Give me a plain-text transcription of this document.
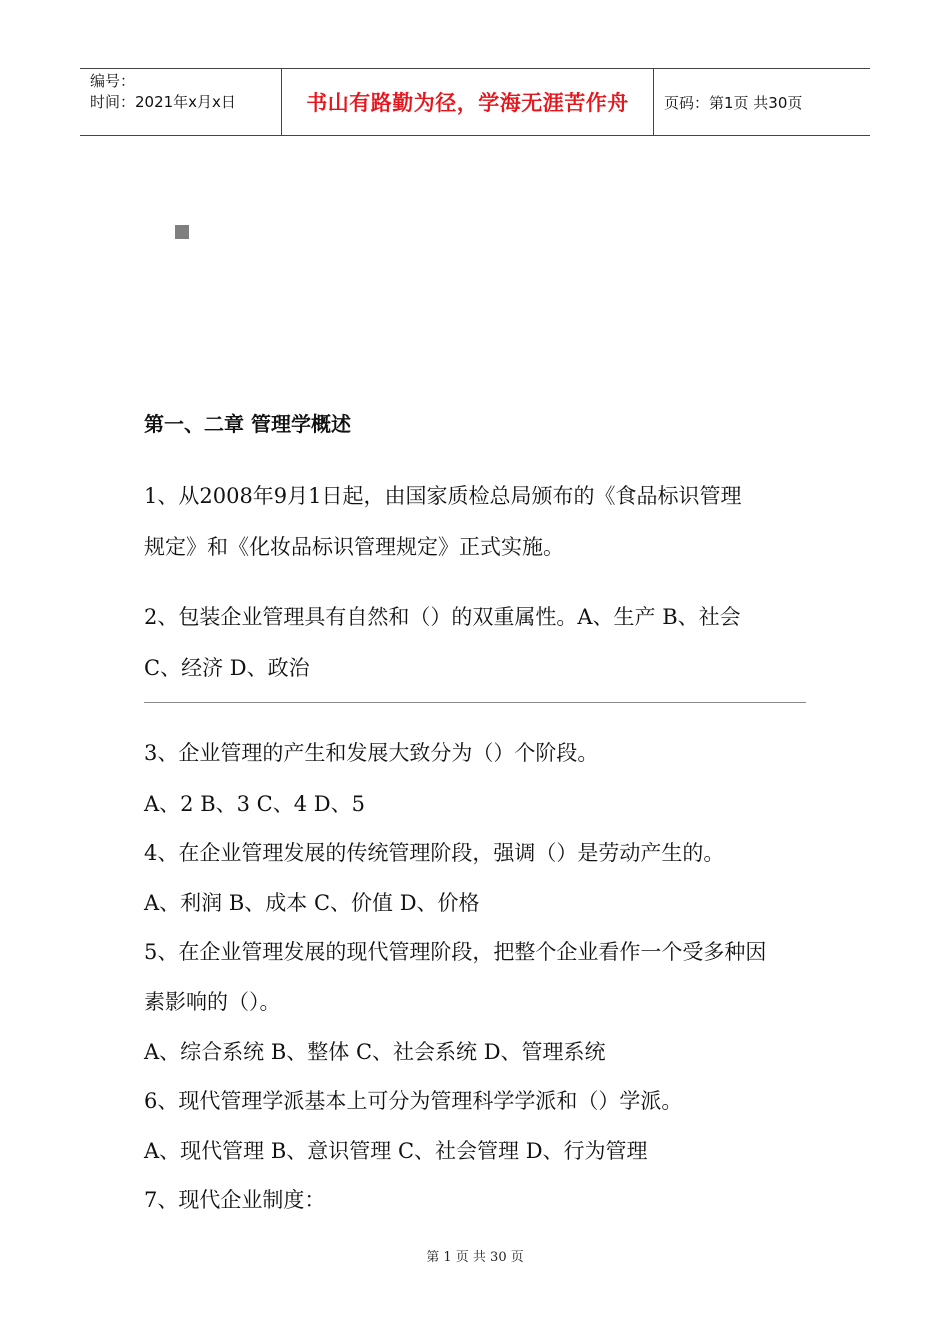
编号：
时间：2021年x月x日	书山有路勤为径，学海无涯苦作舟	页码：第1页 共30页
第一、二章 管理学概述
1、从2008年9月1日起，由国家质检总局颁布的《食品标识管理
规定》和《化妆品标识管理规定》正式实施。
2、包装企业管理具有自然和（）的双重属性。A、生产 B、社会
C、经济 D、政治
3、企业管理的产生和发展大致分为（）个阶段。
A、2 B、3 C、4 D、5
4、在企业管理发展的传统管理阶段，强调（）是劳动产生的。
A、利润 B、成本 C、价值 D、价格
5、在企业管理发展的现代管理阶段，把整个企业看作一个受多种因
素影响的（）。
A、综合系统 B、整体 C、社会系统 D、管理系统
6、现代管理学派基本上可分为管理科学学派和（）学派。
A、现代管理 B、意识管理 C、社会管理 D、行为管理
7、现代企业制度：
第 1 页 共 30 页
